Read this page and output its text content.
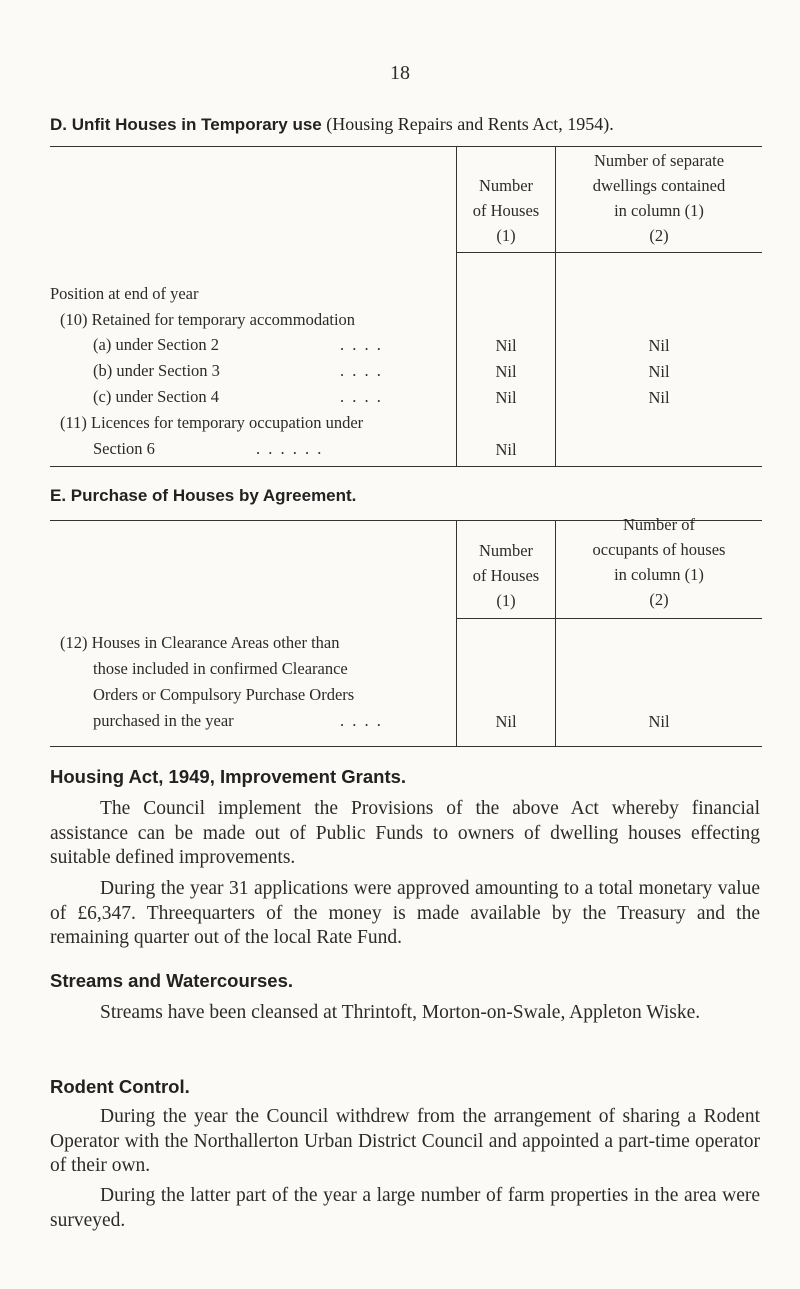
18
D. Unfit Houses in Temporary use (Housing Repairs and Rents Act, 1954).
Number
of Houses
(1)
Number of separate
dwellings contained
in column (1)
(2)
Position at end of year
(10) Retained for temporary accommodation
(a) under Section 2	. . . .	Nil	Nil
(b) under Section 3	. . . .	Nil	Nil
(c) under Section 4	. . . .	Nil	Nil
(11) Licences for temporary occupation under
Section 6	. . . . . .	Nil
E. Purchase of Houses by Agreement.
Number
of Houses
(1)
Number of
occupants of houses
in column (1)
(2)
(12) Houses in Clearance Areas other than
those included in confirmed Clearance
Orders or Compulsory Purchase Orders
purchased in the year	. . . .	Nil	Nil
Housing Act, 1949, Improvement Grants.
The Council implement the Provisions of the above Act whereby financial assistance can be made out of Public Funds to owners of dwelling houses effecting suitable defined improvements.
During the year 31 applications were approved amounting to a total monetary value of £6,347. Threequarters of the money is made available by the Treasury and the remaining quarter out of the local Rate Fund.
Streams and Watercourses.
Streams have been cleansed at Thrintoft, Morton-on-Swale, Appleton Wiske.
Rodent Control.
During the year the Council withdrew from the arrangement of sharing a Rodent Operator with the Northallerton Urban District Council and appointed a part-time operator of their own.
During the latter part of the year a large number of farm properties in the area were surveyed.
